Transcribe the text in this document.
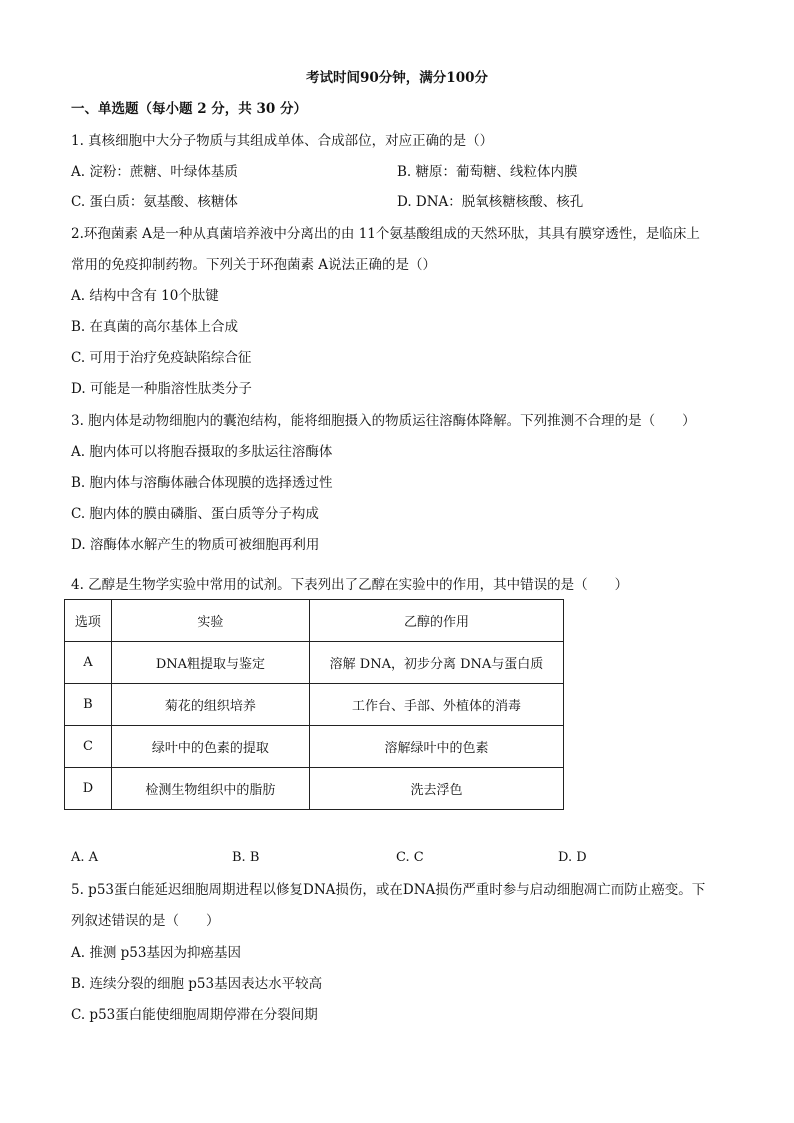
考试时间90分钟，满分100分
一、单选题（每小题 2 分，共 30 分）
1. 真核细胞中大分子物质与其组成单体、合成部位，对应正确的是（）
A. 淀粉：蔗糖、叶绿体基质	B. 糖原：葡萄糖、线粒体内膜
C. 蛋白质：氨基酸、核糖体	D. DNA：脱氧核糖核酸、核孔
2.环孢菌素 A是一种从真菌培养液中分离出的由 11个氨基酸组成的天然环肽，其具有膜穿透性，是临床上
常用的免疫抑制药物。下列关于环孢菌素 A说法正确的是（）
A. 结构中含有 10个肽键
B. 在真菌的高尔基体上合成
C. 可用于治疗免疫缺陷综合征
D. 可能是一种脂溶性肽类分子
3. 胞内体是动物细胞内的囊泡结构，能将细胞摄入的物质运往溶酶体降解。下列推测不合理的是（　　）
A. 胞内体可以将胞吞摄取的多肽运往溶酶体
B. 胞内体与溶酶体融合体现膜的选择透过性
C. 胞内体的膜由磷脂、蛋白质等分子构成
D. 溶酶体水解产生的物质可被细胞再利用
4. 乙醇是生物学实验中常用的试剂。下表列出了乙醇在实验中的作用，其中错误的是（　　）
选项	实验	乙醇的作用
A	DNA粗提取与鉴定	溶解 DNA，初步分离 DNA与蛋白质
B	菊花的组织培养	工作台、手部、外植体的消毒
C	绿叶中的色素的提取	溶解绿叶中的色素
D	检测生物组织中的脂肪	洗去浮色
A. A	B. B	C. C	D. D
5. p53蛋白能延迟细胞周期进程以修复DNA损伤，或在DNA损伤严重时参与启动细胞凋亡而防止癌变。下
列叙述错误的是（　　）
A. 推测 p53基因为抑癌基因
B. 连续分裂的细胞 p53基因表达水平较高
C. p53蛋白能使细胞周期停滞在分裂间期
